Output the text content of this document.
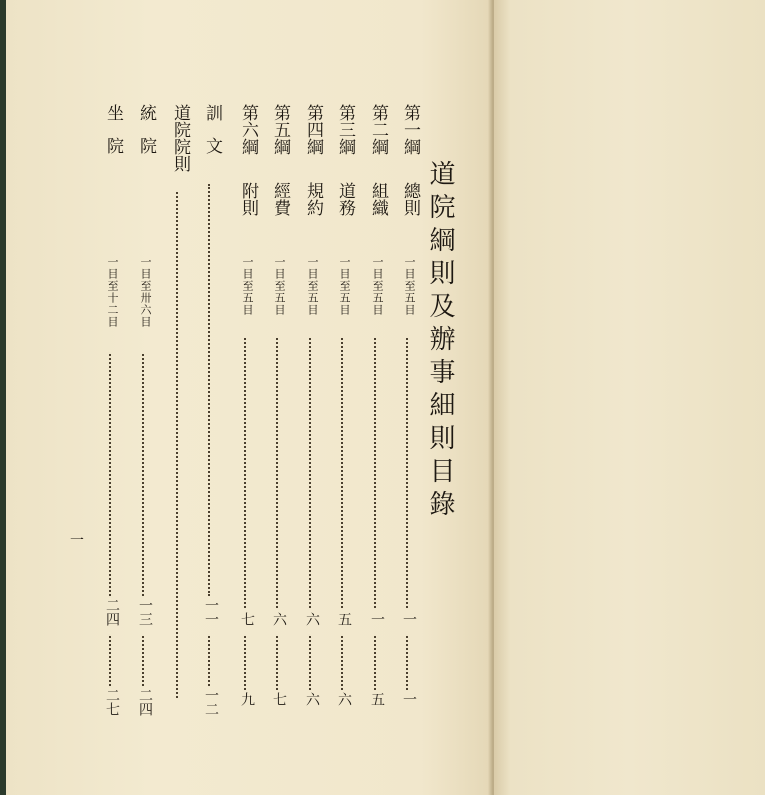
道院綱則及辦事細則目錄
第一綱
總則
一目至五目
一
一
第二綱
組織
一目至五目
一
五
第三綱
道務
一目至五目
五
六
第四綱
規約
一目至五目
六
六
第五綱
經費
一目至五目
六
七
第六綱
附則
一目至五目
七
九
訓文
一一
一二
道院院則
統院
一目至卅六目
一三
二四
坐院
一目至十二目
二四
二七
一
